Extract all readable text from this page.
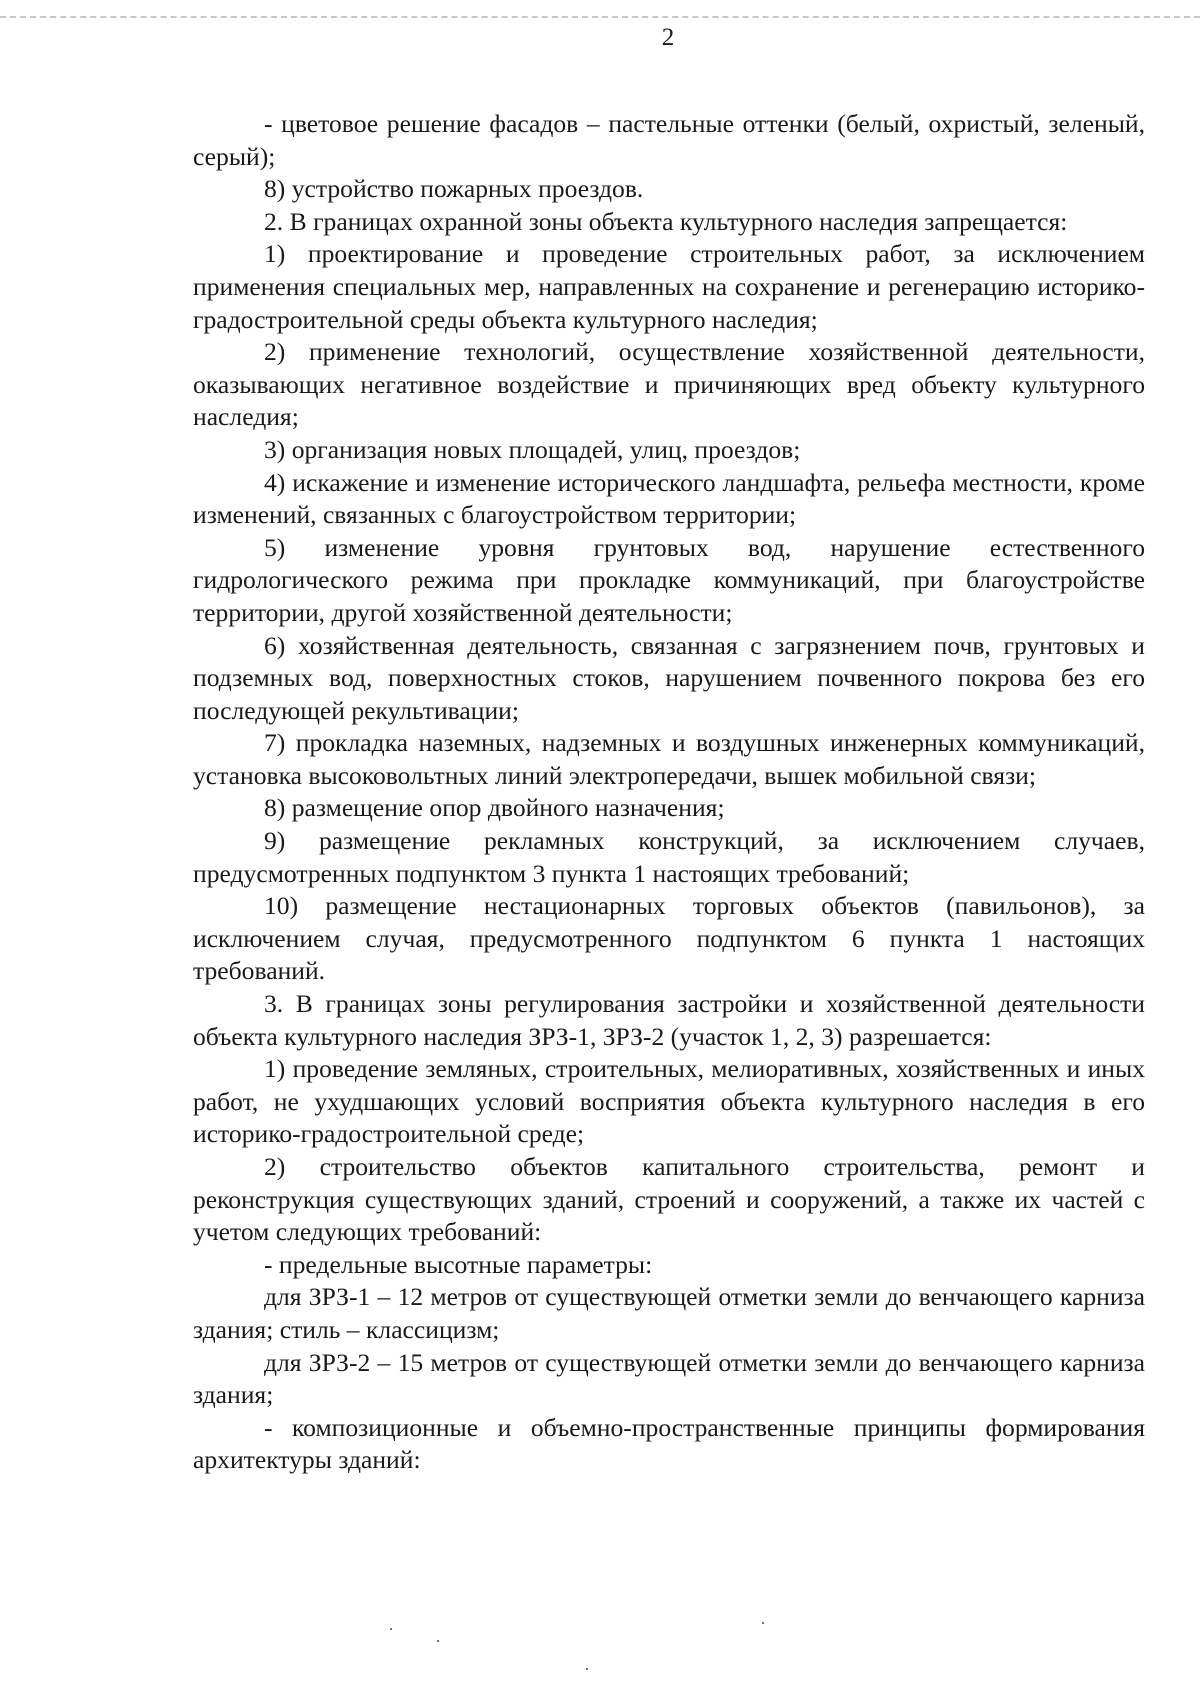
2

- цветовое решение фасадов – пастельные оттенки (белый, охристый, зеленый, серый);

8) устройство пожарных проездов.

2. В границах охранной зоны объекта культурного наследия запрещается:

1) проектирование и проведение строительных работ, за исключением применения специальных мер, направленных на сохранение и регенерацию историко-градостроительной среды объекта культурного наследия;

2) применение технологий, осуществление хозяйственной деятельности, оказывающих негативное воздействие и причиняющих вред объекту культурного наследия;

3) организация новых площадей, улиц, проездов;

4) искажение и изменение исторического ландшафта, рельефа местности, кроме изменений, связанных с благоустройством территории;

5) изменение уровня грунтовых вод, нарушение естественного гидрологического режима при прокладке коммуникаций, при благоустройстве территории, другой хозяйственной деятельности;

6) хозяйственная деятельность, связанная с загрязнением почв, грунтовых и подземных вод, поверхностных стоков, нарушением почвенного покрова без его последующей рекультивации;

7) прокладка наземных, надземных и воздушных инженерных коммуникаций, установка высоковольтных линий электропередачи, вышек мобильной связи;

8) размещение опор двойного назначения;

9) размещение рекламных конструкций, за исключением случаев, предусмотренных подпунктом 3 пункта 1 настоящих требований;

10) размещение нестационарных торговых объектов (павильонов), за исключением случая, предусмотренного подпунктом 6 пункта 1 настоящих требований.

3. В границах зоны регулирования застройки и хозяйственной деятельности объекта культурного наследия ЗРЗ-1, ЗРЗ-2 (участок 1, 2, 3) разрешается:

1) проведение земляных, строительных, мелиоративных, хозяйственных и иных работ, не ухудшающих условий восприятия объекта культурного наследия в его историко-градостроительной среде;

2) строительство объектов капитального строительства, ремонт и реконструкция существующих зданий, строений и сооружений, а также их частей с учетом следующих требований:

- предельные высотные параметры:

для ЗРЗ-1 – 12 метров от существующей отметки земли до венчающего карниза здания; стиль – классицизм;

для ЗРЗ-2 – 15 метров от существующей отметки земли до венчающего карниза здания;

- композиционные и объемно-пространственные принципы формирования архитектуры зданий:
